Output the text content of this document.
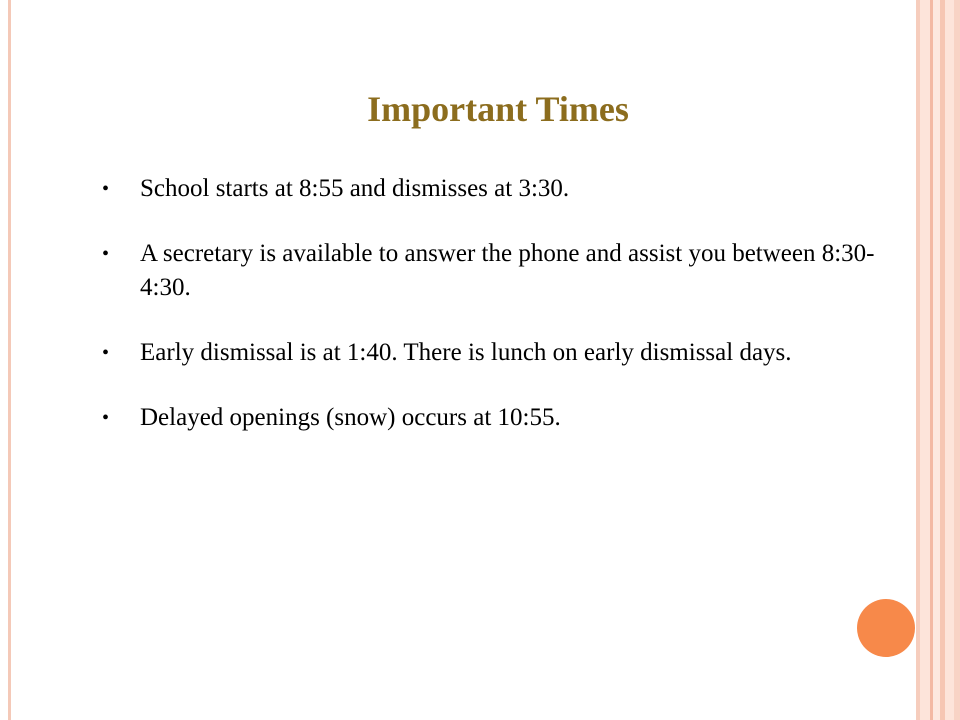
Important Times
• School starts at 8:55 and dismisses at 3:30.
• A secretary is available to answer the phone and assist you between 8:30-4:30.
• Early dismissal is at 1:40. There is lunch on early dismissal days.
• Delayed openings (snow) occurs at 10:55.
